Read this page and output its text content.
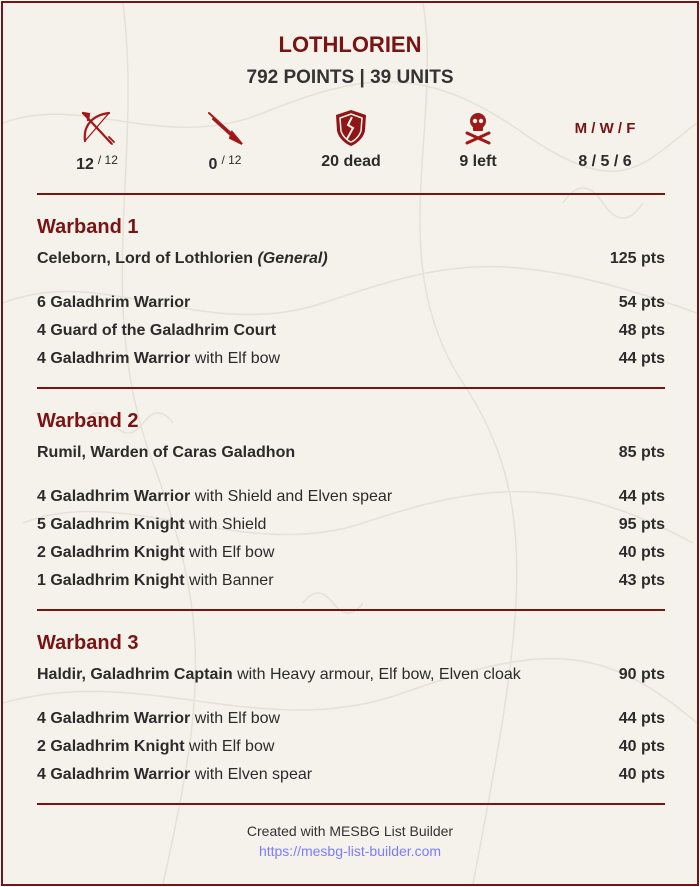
LOTHLORIEN
792 POINTS | 39 UNITS
12 $^{/ 12}$	0 $^{/ 12}$	20 dead	9 left
M / W / F
8 / 5 / 6
Warband 1
Celeborn, Lord of Lothlorien (General)	125 pts
6 Galadhrim Warrior	54 pts
4 Guard of the Galadhrim Court	48 pts
4 Galadhrim Warrior with Elf bow	44 pts
Warband 2
Rumil, Warden of Caras Galadhon	85 pts
4 Galadhrim Warrior with Shield and Elven spear	44 pts
5 Galadhrim Knight with Shield	95 pts
2 Galadhrim Knight with Elf bow	40 pts
1 Galadhrim Knight with Banner	43 pts
Warband 3
Haldir, Galadhrim Captain with Heavy armour, Elf bow, Elven cloak	90 pts
4 Galadhrim Warrior with Elf bow	44 pts
2 Galadhrim Knight with Elf bow	40 pts
4 Galadhrim Warrior with Elven spear	40 pts
Created with MESBG List Builder
https://mesbg-list-builder.com
